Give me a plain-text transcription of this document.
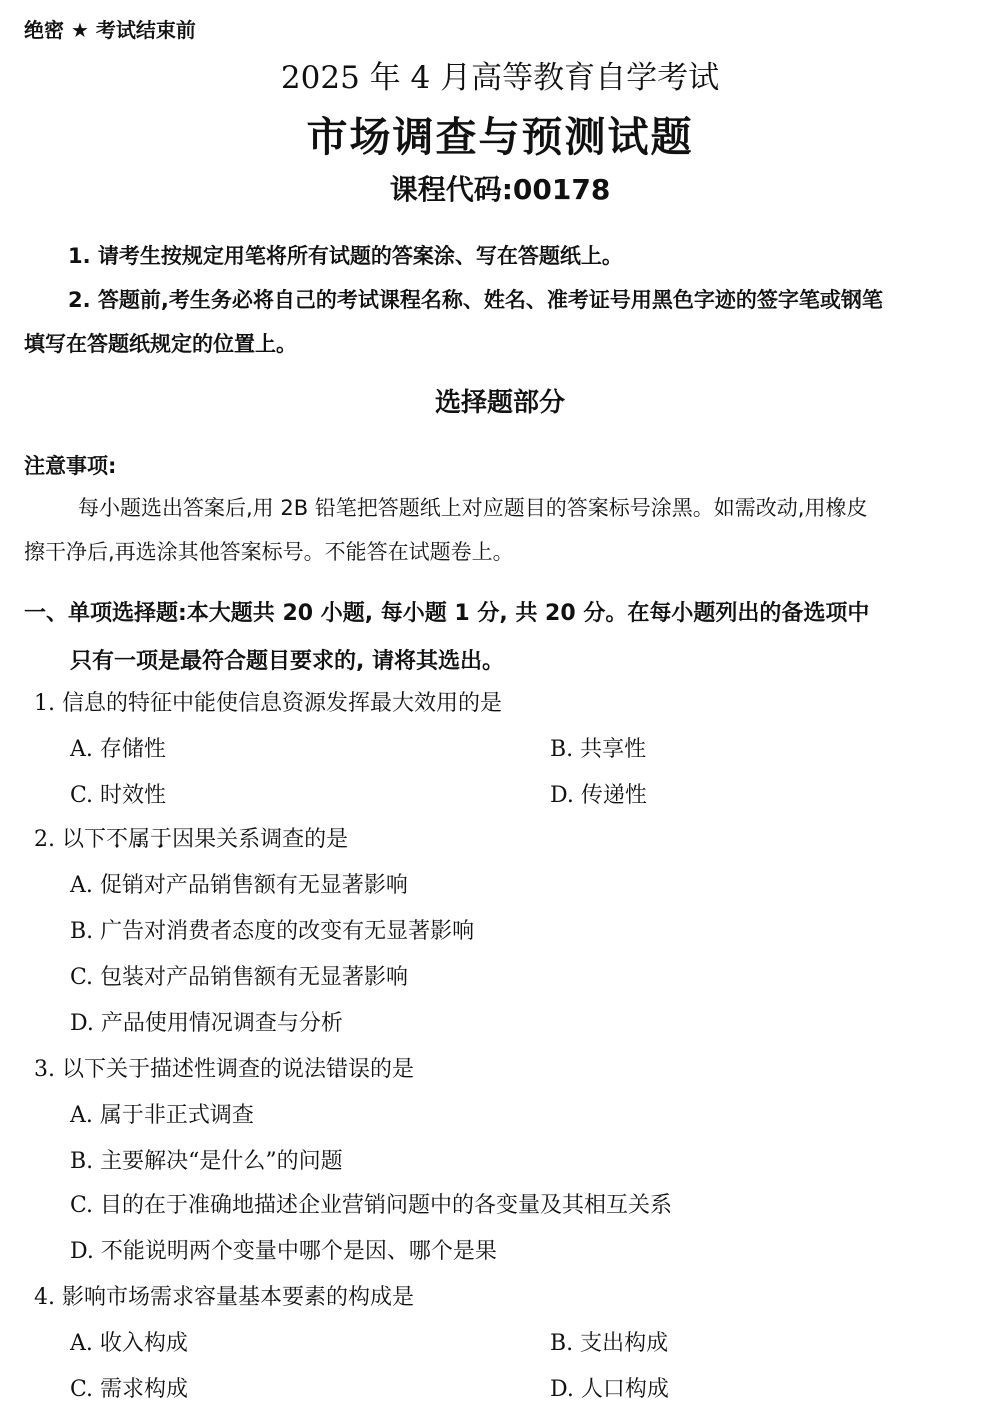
绝密 ★ 考试结束前
2025 年 4 月高等教育自学考试
市场调查与预测试题
课程代码:00178
1. 请考生按规定用笔将所有试题的答案涂、写在答题纸上。
2. 答题前,考生务必将自己的考试课程名称、姓名、准考证号用黑色字迹的签字笔或钢笔
填写在答题纸规定的位置上。
选择题部分
注意事项:
每小题选出答案后,用 2B 铅笔把答题纸上对应题目的答案标号涂黑。如需改动,用橡皮
擦干净后,再选涂其他答案标号。不能答在试题卷上。
一、单项选择题:本大题共 20 小题, 每小题 1 分, 共 20 分。在每小题列出的备选项中
只有一项是最符合题目要求的, 请将其选出。
1. 信息的特征中能使信息资源发挥最大效用的是
A. 存储性	B. 共享性
C. 时效性	D. 传递性
2. 以下不属于因果关系调查的是
A. 促销对产品销售额有无显著影响
B. 广告对消费者态度的改变有无显著影响
C. 包装对产品销售额有无显著影响
D. 产品使用情况调查与分析
3. 以下关于描述性调查的说法错误的是
A. 属于非正式调查
B. 主要解决“是什么”的问题
C. 目的在于准确地描述企业营销问题中的各变量及其相互关系
D. 不能说明两个变量中哪个是因、哪个是果
4. 影响市场需求容量基本要素的构成是
A. 收入构成	B. 支出构成
C. 需求构成	D. 人口构成
